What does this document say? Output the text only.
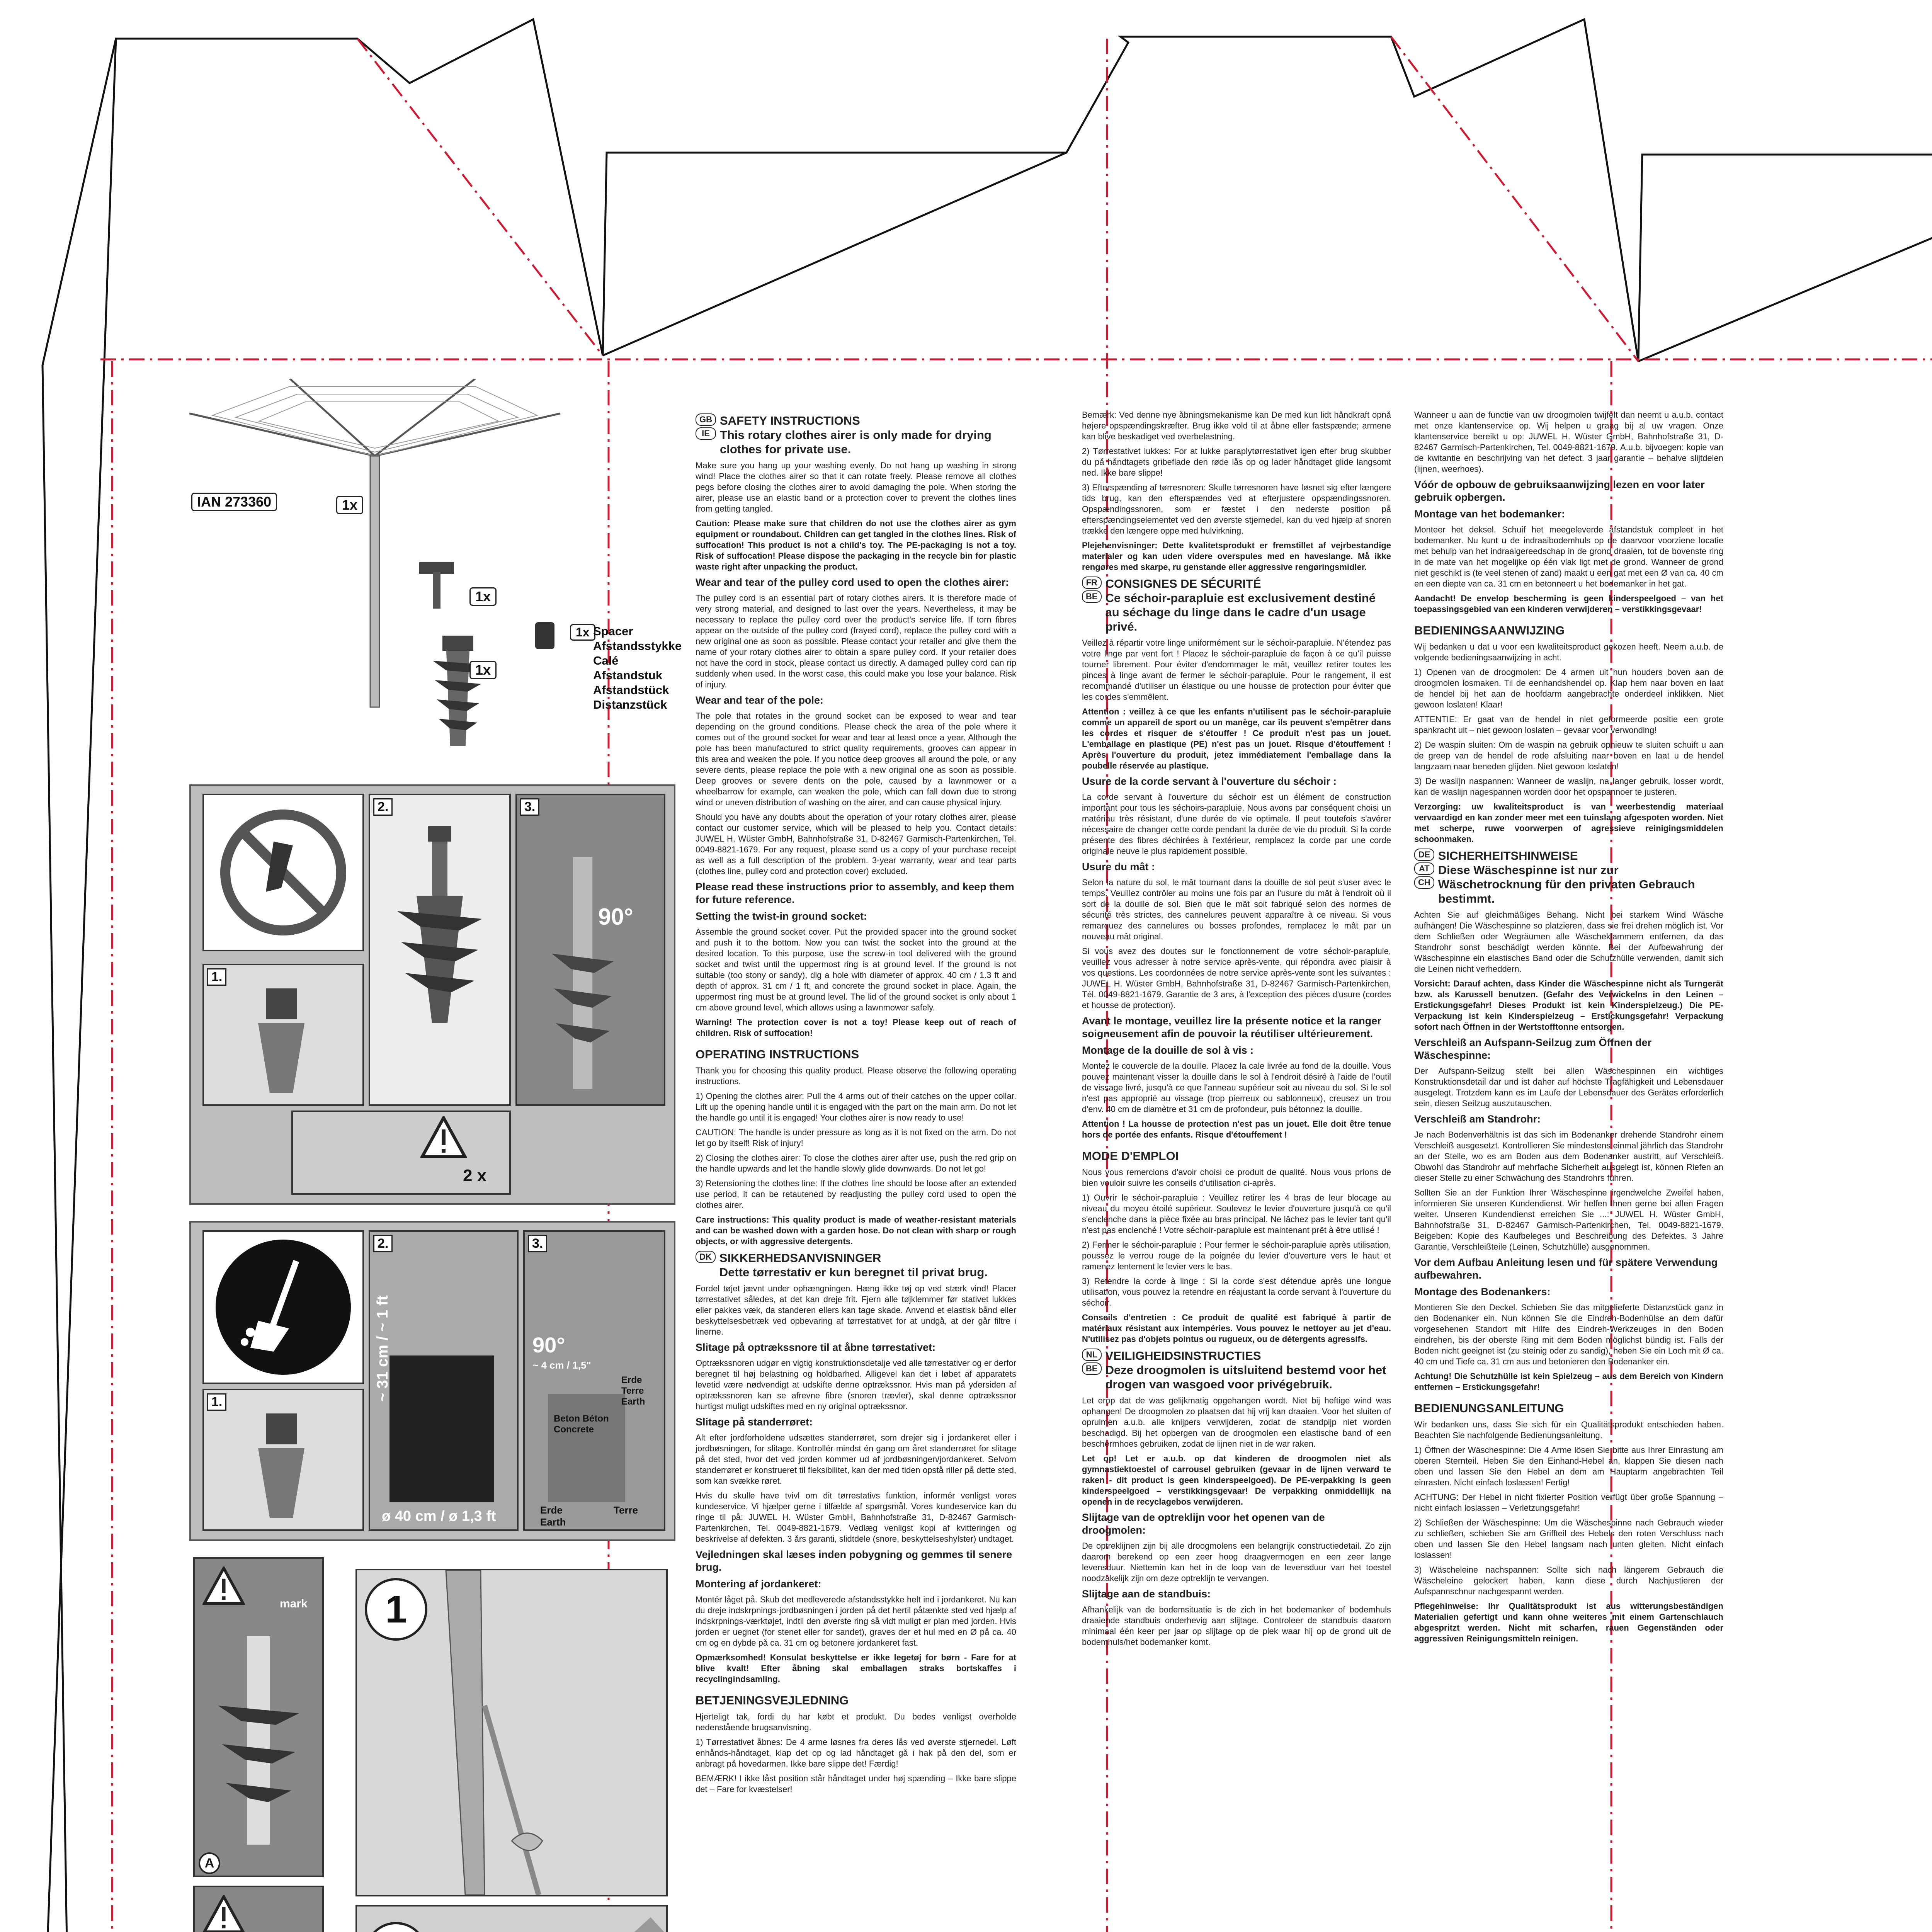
IAN 273360	1x
1x
1x
1x Spacer
Afstandsstykke
Calé
Afstandstuk
Afstandstück
Distanzstück
1.
2.	3.
90°
2 x
1.
2.
~ 31 cm / ~ 1 ft
ø 40 cm / ø 1,3 ft
3.
90°
~ 4 cm / 1,5"
Erde Terre Earth
Beton Béton Concrete
Erde Earth
Terre
mark
A
1
GB
IE
SAFETY INSTRUCTIONS
This rotary clothes airer is only made for drying clothes for private use.

Make sure you hang up your washing evenly. Do not hang up washing in strong wind! Place the clothes airer so that it can rotate freely. Please remove all clothes pegs before closing the clothes airer to avoid damaging the pole. When storing the airer, please use an elastic band or a protection cover to prevent the clothes lines from getting tangled.

Caution: Please make sure that children do not use the clothes airer as gym equipment or roundabout. Children can get tangled in the clothes lines. Risk of suffocation! This product is not a child's toy. The PE-packaging is not a toy. Risk of suffocation! Please dispose the packaging in the recycle bin for plastic waste right after unpacking the product.

Wear and tear of the pulley cord used to open the clothes airer:

The pulley cord is an essential part of rotary clothes airers. It is therefore made of very strong material, and designed to last over the years. Nevertheless, it may be necessary to replace the pulley cord over the product's service life. If torn fibres appear on the outside of the pulley cord (frayed cord), replace the pulley cord with a new original one as soon as possible. Please contact your retailer and give them the name of your rotary clothes airer to obtain a spare pulley cord. If your retailer does not have the cord in stock, please contact us directly. A damaged pulley cord can rip suddenly when used. In the worst case, this could make you lose your balance. Risk of injury.

Wear and tear of the pole:

The pole that rotates in the ground socket can be exposed to wear and tear depending on the ground conditions. Please check the area of the pole where it comes out of the ground socket for wear and tear at least once a year. Although the pole has been manufactured to strict quality requirements, grooves can appear in this area and weaken the pole. If you notice deep grooves all around the pole, or any severe dents, please replace the pole with a new original one as soon as possible. Deep grooves or severe dents on the pole, caused by a lawnmower or a wheelbarrow for example, can weaken the pole, which can fall down due to strong wind or uneven distribution of washing on the airer, and can cause physical injury.

Should you have any doubts about the operation of your rotary clothes airer, please contact our customer service, which will be pleased to help you. Contact details: JUWEL H. Wüster GmbH, Bahnhofstraße 31, D-82467 Garmisch-Partenkirchen, Tel. 0049-8821-1679. For any request, please send us a copy of your purchase receipt as well as a full description of the problem. 3-year warranty, wear and tear parts (clothes line, pulley cord and protection cover) excluded.

Please read these instructions prior to assembly, and keep them for future reference.
Setting the twist-in ground socket:

Assemble the ground socket cover. Put the provided spacer into the ground socket and push it to the bottom. Now you can twist the socket into the ground at the desired location. To this purpose, use the screw-in tool delivered with the ground socket and twist until the uppermost ring is at ground level. If the ground is not suitable (too stony or sandy), dig a hole with diameter of approx. 40 cm / 1.3 ft and depth of approx. 31 cm / 1 ft, and concrete the ground socket in place. Again, the uppermost ring must be at ground level. The lid of the ground socket is only about 1 cm above ground level, which allows using a lawnmower safely.

Warning! The protection cover is not a toy! Please keep out of reach of children. Risk of suffocation!

OPERATING INSTRUCTIONS

Thank you for choosing this quality product. Please observe the following operating instructions.

1) Opening the clothes airer: Pull the 4 arms out of their catches on the upper collar. Lift up the opening handle until it is engaged with the part on the main arm. Do not let the handle go until it is engaged! Your clothes airer is now ready to use!

CAUTION: The handle is under pressure as long as it is not fixed on the arm. Do not let go by itself! Risk of injury!

2) Closing the clothes airer: To close the clothes airer after use, push the red grip on the handle upwards and let the handle slowly glide downwards. Do not let go!

3) Retensioning the clothes line: If the clothes line should be loose after an extended use period, it can be retautened by readjusting the pulley cord used to open the clothes airer.

Care instructions: This quality product is made of weather-resistant materials and can be washed down with a garden hose. Do not clean with sharp or rough objects, or with aggressive detergents.

DK SIKKERHEDSANVISNINGER
Dette tørrestativ er kun beregnet til privat brug.

Fordel tøjet jævnt under ophængningen. Hæng ikke tøj op ved stærk vind! Placer tørrestativet således, at det kan dreje frit. Fjern alle tøjklemmer før stativet lukkes eller pakkes væk, da standeren ellers kan tage skade. Anvend et elastisk bånd eller beskyttelsesbetræk ved opbevaring af tørrestativet for at undgå, at der går filtre i linerne.

Slitage på optrækssnore til at åbne tørrestativet:

Optrækssnoren udgør en vigtig konstruktionsdetalje ved alle tørrestativer og er derfor beregnet til høj belastning og holdbarhed. Alligevel kan det i løbet af apparatets levetid være nødvendigt at udskifte denne optrækssnor. Hvis man på ydersiden af optrækssnoren kan se afrevne fibre (snoren trævler), skal denne optrækssnor hurtigst muligt udskiftes med en ny original optrækssnor.

Slitage på standerrøret:

Alt efter jordforholdene udsættes standerrøret, som drejer sig i jordankeret eller i jordbøsningen, for slitage. Kontrollér mindst én gang om året standerrøret for slitage på det sted, hvor det ved jorden kommer ud af jordbøsningen/jordankeret. Selvom standerrøret er konstrueret til fleksibilitet, kan der med tiden opstå riller på dette sted, som kan svække røret.

Hvis du skulle have tvivl om dit tørrestativs funktion, informér venligst vores kundeservice. Vi hjælper gerne i tilfælde af spørgsmål. Vores kundeservice kan du ringe til på: JUWEL H. Wüster GmbH, Bahnhofstraße 31, D-82467 Garmisch-Partenkirchen, Tel. 0049-8821-1679. Vedlæg venligst kopi af kvitteringen og beskrivelse af defekten. 3 års garanti, slidtdele (snore, beskyttelseshylster) undtaget.

Vejledningen skal læses inden pobygning og gemmes til senere brug.
Montering af jordankeret:

Montér låget på. Skub det medleverede afstandsstykke helt ind i jordankeret. Nu kan du dreje indskrpnings-jordbøsningen i jorden på det hertil påtænkte sted ved hjælp af indskrpnings-værktøjet, indtil den øverste ring så vidt muligt er plan med jorden. Hvis jorden er uegnet (for stenet eller for sandet), graves der et hul med en Ø på ca. 40 cm og en dybde på ca. 31 cm og betonere jordankeret fast.

Opmærksomhed! Konsulat beskyttelse er ikke legetøj for børn - Fare for at blive kvalt! Efter åbning skal emballagen straks bortskaffes i recyclingindsamling.

BETJENINGSVEJLEDNING

Hjerteligt tak, fordi du har købt et produkt. Du bedes venligst overholde nedenstående brugsanvisning.

1) Tørrestativet åbnes: De 4 arme løsnes fra deres lås ved øverste stjernedel. Løft enhånds-håndtaget, klap det op og lad håndtaget gå i hak på den del, som er anbragt på hovedarmen. Ikke bare slippe det! Færdig!

BEMÆRK! I ikke låst position står håndtaget under høj spænding – Ikke bare slippe det – Fare for kvæstelser!

Bemærk: Ved denne nye åbningsmekanisme kan De med kun lidt håndkraft opnå højere opspændingskræfter. Brug ikke vold til at åbne eller fastspænde; armene kan blive beskadiget ved overbelastning.

2) Tørrestativet lukkes: For at lukke paraplytørrestativet igen efter brug skubber du på håndtagets gribeflade den røde lås op og lader håndtaget glide langsomt ned. Ikke bare slippe!

3) Efterspænding af tørresnoren: Skulle tørresnoren have løsnet sig efter længere tids brug, kan den efterspændes ved at efterjustere opspændingssnoren. Opspændingssnoren, som er fæstet i den nederste position på efterspændingselementet ved den øverste stjernedel, kan du ved hjælp af snoren trække den længere oppe med hulvirkning.

Plejehenvisninger: Dette kvalitetsprodukt er fremstillet af vejrbestandige materialer og kan uden videre overspules med en haveslange. Må ikke rengøres med skarpe, ru genstande eller aggressive rengøringsmidler.

FR
BE
CONSIGNES DE SÉCURITÉ
Ce séchoir-parapluie est exclusivement destiné au séchage du linge dans le cadre d'un usage privé.

Veillez à répartir votre linge uniformément sur le séchoir-parapluie. N'étendez pas votre linge par vent fort ! Placez le séchoir-parapluie de façon à ce qu'il puisse tourner librement. Pour éviter d'endommager le mât, veuillez retirer toutes les pinces à linge avant de fermer le séchoir-parapluie. Pour le rangement, il est recommandé d'utiliser un élastique ou une housse de protection pour éviter que les cordes s'emmêlent.

Attention : veillez à ce que les enfants n'utilisent pas le séchoir-parapluie comme un appareil de sport ou un manège, car ils peuvent s'empêtrer dans les cordes et risquer de s'étouffer ! Ce produit n'est pas un jouet. L'emballage en plastique (PE) n'est pas un jouet. Risque d'étouffement ! Après l'ouverture du produit, jetez immédiatement l'emballage dans la poubelle réservée au plastique.

Usure de la corde servant à l'ouverture du séchoir :

La corde servant à l'ouverture du séchoir est un élément de construction important pour tous les séchoirs-parapluie. Nous avons par conséquent choisi un matériau très résistant, d'une durée de vie optimale. Il peut toutefois s'avérer nécessaire de changer cette corde pendant la durée de vie du produit. Si la corde présente des fibres déchirées à l'extérieur, remplacez la corde par une corde originale neuve le plus rapidement possible.

Usure du mât :

Selon la nature du sol, le mât tournant dans la douille de sol peut s'user avec le temps. Veuillez contrôler au moins une fois par an l'usure du mât à l'endroit où il sort de la douille de sol. Bien que le mât soit fabriqué selon des normes de sécurité très strictes, des cannelures peuvent apparaître à ce niveau. Si vous remarquez des cannelures ou bosses profondes, remplacez le mât par un nouveau mât original.

Si vous avez des doutes sur le fonctionnement de votre séchoir-parapluie, veuillez vous adresser à notre service après-vente, qui répondra avec plaisir à vos questions. Les coordonnées de notre service après-vente sont les suivantes : JUWEL H. Wüster GmbH, Bahnhofstraße 31, D-82467 Garmisch-Partenkirchen, Tél. 0049-8821-1679. Garantie de 3 ans, à l'exception des pièces d'usure (cordes et housse de protection).

Avant le montage, veuillez lire la présente notice et la ranger soigneusement afin de pouvoir la réutiliser ultérieurement.
Montage de la douille de sol à vis :

Montez le couvercle de la douille. Placez la cale livrée au fond de la douille. Vous pouvez maintenant visser la douille dans le sol à l'endroit désiré à l'aide de l'outil de vissage livré, jusqu'à ce que l'anneau supérieur soit au niveau du sol. Si le sol n'est pas approprié au vissage (trop pierreux ou sablonneux), creusez un trou d'env. 40 cm de diamètre et 31 cm de profondeur, puis bétonnez la douille.

Attention ! La housse de protection n'est pas un jouet. Elle doit être tenue hors de portée des enfants. Risque d'étouffement !

MODE D'EMPLOI

Nous vous remercions d'avoir choisi ce produit de qualité. Nous vous prions de bien vouloir suivre les conseils d'utilisation ci-après.

1) Ouvrir le séchoir-parapluie : Veuillez retirer les 4 bras de leur blocage au niveau du moyeu étoilé supérieur. Soulevez le levier d'ouverture jusqu'à ce qu'il s'enclenche dans la pièce fixée au bras principal. Ne lâchez pas le levier tant qu'il n'est pas enclenché ! Votre séchoir-parapluie est maintenant prêt à être utilisé !

2) Fermer le séchoir-parapluie : Pour fermer le séchoir-parapluie après utilisation, poussez le verrou rouge de la poignée du levier d'ouverture vers le haut et ramenez lentement le levier vers le bas.

3) Retendre la corde à linge : Si la corde s'est détendue après une longue utilisation, vous pouvez la retendre en réajustant la corde servant à l'ouverture du séchoir.

Conseils d'entretien : Ce produit de qualité est fabriqué à partir de matériaux résistant aux intempéries. Vous pouvez le nettoyer au jet d'eau. N'utilisez pas d'objets pointus ou rugueux, ou de détergents agressifs.

NL
BE
VEILIGHEIDSINSTRUCTIES
Deze droogmolen is uitsluitend bestemd voor het drogen van wasgoed voor privégebruik.

Let erop dat de was gelijkmatig opgehangen wordt. Niet bij heftige wind was ophangen! De droogmolen zo plaatsen dat hij vrij kan draaien. Voor het sluiten of opruimen a.u.b. alle knijpers verwijderen, zodat de standpijp niet worden beschadigd. Bij het opbergen van de droogmolen een elastische band of een beschermhoes gebruiken, zodat de lijnen niet in de war raken.

Let op! Let er a.u.b. op dat kinderen de droogmolen niet als gymnastiektoestel of carrousel gebruiken (gevaar in de lijnen verward te raken - dit product is geen kinderspeelgoed). De PE-verpakking is geen kinderspeelgoed – verstikkingsgevaar! De verpakking onmiddellijk na openen in de recyclagebos verwijderen.

Slijtage van de optreklijn voor het openen van de droogmolen:

De optreklijnen zijn bij alle droogmolens een belangrijk constructiedetail. Zo zijn daarom berekend op een zeer hoog draagvermogen en een zeer lange levensduur. Niettemin kan het in de loop van de levensduur van het toestel noodzakelijk zijn om deze optreklijn te vervangen.

Slijtage aan de standbuis:

Afhankelijk van de bodemsituatie is de zich in het bodemanker of bodemhuls draaiende standbuis onderhevig aan slijtage. Controleer de standbuis daarom minimaal één keer per jaar op slijtage op de plek waar hij op de grond uit de bodemhuls/het bodemanker komt.

Wanneer u aan de functie van uw droogmolen twijfelt dan neemt u a.u.b. contact met onze klantenservice op. Wij helpen u graag bij al uw vragen. Onze klantenservice bereikt u op: JUWEL H. Wüster GmbH, Bahnhofstraße 31, D-82467 Garmisch-Partenkirchen, Tel. 0049-8821-1679. A.u.b. bijvoegen: kopie van de kwitantie en beschrijving van het defect. 3 jaar garantie – behalve slijtdelen (lijnen, weerhoes).

Vóór de opbouw de gebruiksaanwijzing lezen en voor later gebruik opbergen.
Montage van het bodemanker:

Monteer het deksel. Schuif het meegeleverde afstandstuk compleet in het bodemanker. Nu kunt u de indraaibodemhuls op de daarvoor voorziene locatie met behulp van het indraaigereedschap in de grond draaien, tot de bovenste ring in de mate van het mogelijke op één vlak ligt met de grond. Wanneer de grond niet geschikt is (te veel stenen of zand) maakt u een gat met een Ø van ca. 40 cm en een diepte van ca. 31 cm en betonneert u het bodemanker in het gat.

Aandacht! De envelop bescherming is geen kinderspeelgoed – van het toepassingsgebied van een kinderen verwijderen – verstikkingsgevaar!

BEDIENINGSAANWIJZING

Wij bedanken u dat u voor een kwaliteitsproduct gekozen heeft. Neem a.u.b. de volgende bedieningsaanwijzing in acht.

1) Openen van de droogmolen: De 4 armen uit hun houders boven aan de droogmolen losmaken. Til de eenhandshendel op. Klap hem naar boven en laat de hendel bij het aan de hoofdarm aangebrachte onderdeel inklikken. Niet gewoon loslaten! Klaar!

ATTENTIE: Er gaat van de hendel in niet geformeerde positie een grote spankracht uit – niet gewoon loslaten – gevaar voor verwonding!

2) De waspin sluiten: Om de waspin na gebruik opnieuw te sluiten schuift u aan de greep van de hendel de rode afsluiting naar boven en laat u de hendel langzaam naar beneden glijden. Niet gewoon loslaten!

3) De waslijn naspannen: Wanneer de waslijn, na langer gebruik, losser wordt, kan de waslijn nagespannen worden door het opspannoer te justeren.

Verzorging: uw kwaliteitsproduct is van weerbestendig materiaal vervaardigd en kan zonder meer met een tuinslang afgespoten worden. Niet met scherpe, ruwe voorwerpen of agressieve reinigingsmiddelen schoonmaken.

DE
AT
CH
SICHERHEITSHINWEISE
Diese Wäschespinne ist nur zur Wäschetrocknung für den privaten Gebrauch bestimmt.

Achten Sie auf gleichmäßiges Behang. Nicht bei starkem Wind Wäsche aufhängen! Die Wäschespinne so platzieren, dass sie frei drehen möglich ist. Vor dem Schließen oder Wegräumen alle Wäscheklammern entfernen, da das Standrohr sonst beschädigt werden könnte. Bei der Aufbewahrung der Wäschespinne ein elastisches Band oder die Schutzhülle verwenden, damit sich die Leinen nicht verheddern.

Vorsicht: Darauf achten, dass Kinder die Wäschespinne nicht als Turngerät bzw. als Karussell benutzen. (Gefahr des Verwickelns in den Leinen – Erstickungsgefahr! Dieses Produkt ist kein Kinderspielzeug.) Die PE-Verpackung ist kein Kinderspielzeug – Erstickungsgefahr! Verpackung sofort nach Öffnen in der Wertstofftonne entsorgen.

Verschleiß an Aufspann-Seilzug zum Öffnen der Wäschespinne:

Der Aufspann-Seilzug stellt bei allen Wäschespinnen ein wichtiges Konstruktionsdetail dar und ist daher auf höchste Tragfähigkeit und Lebensdauer ausgelegt. Trotzdem kann es im Laufe der Lebensdauer des Gerätes erforderlich sein, diesen Seilzug auszutauschen.

Verschleiß am Standrohr:

Je nach Bodenverhältnis ist das sich im Bodenanker drehende Standrohr einem Verschleiß ausgesetzt. Kontrollieren Sie mindestens einmal jährlich das Standrohr an der Stelle, wo es am Boden aus dem Bodenanker austritt, auf Verschleiß. Obwohl das Standrohr auf mehrfache Sicherheit ausgelegt ist, können Riefen an dieser Stelle zu einer Schwächung des Standrohrs führen.

Sollten Sie an der Funktion Ihrer Wäschespinne irgendwelche Zweifel haben, informieren Sie unseren Kundendienst. Wir helfen Ihnen gerne bei allen Fragen weiter. Unseren Kundendienst erreichen Sie ...: JUWEL H. Wüster GmbH, Bahnhofstraße 31, D-82467 Garmisch-Partenkirchen, Tel. 0049-8821-1679. Beigeben: Kopie des Kaufbeleges und Beschreibung des Defektes. 3 Jahre Garantie, Verschleißteile (Leinen, Schutzhülle) ausgenommen.

Vor dem Aufbau Anleitung lesen und für spätere Verwendung aufbewahren.
Montage des Bodenankers:

Montieren Sie den Deckel. Schieben Sie das mitgelieferte Distanzstück ganz in den Bodenanker ein. Nun können Sie die Eindreh-Bodenhülse an dem dafür vorgesehenen Standort mit Hilfe des Eindreh-Werkzeuges in den Boden eindrehen, bis der oberste Ring mit dem Boden möglichst bündig ist. Falls der Boden nicht geeignet ist (zu steinig oder zu sandig), heben Sie ein Loch mit Ø ca. 40 cm und Tiefe ca. 31 cm aus und betonieren den Bodenanker ein.

Achtung! Die Schutzhülle ist kein Spielzeug – aus dem Bereich von Kindern entfernen – Erstickungsgefahr!

BEDIENUNGSANLEITUNG

Wir bedanken uns, dass Sie sich für ein Qualitätsprodukt entschieden haben. Beachten Sie nachfolgende Bedienungsanleitung.

1) Öffnen der Wäschespinne: Die 4 Arme lösen Sie bitte aus Ihrer Einrastung am oberen Sternteil. Heben Sie den Einhand-Hebel an, klappen Sie diesen nach oben und lassen Sie den Hebel an dem am Hauptarm angebrachten Teil einrasten. Nicht einfach loslassen! Fertig!

ACHTUNG: Der Hebel in nicht fixierter Position verfügt über große Spannung – nicht einfach loslassen – Verletzungsgefahr!

2) Schließen der Wäschespinne: Um die Wäschespinne nach Gebrauch wieder zu schließen, schieben Sie am Griffteil des Hebels den roten Verschluss nach oben und lassen Sie den Hebel langsam nach unten gleiten. Nicht einfach loslassen!

3) Wäscheleine nachspannen: Sollte sich nach längerem Gebrauch die Wäscheleine gelockert haben, kann diese durch Nachjustieren der Aufspannschnur nachgespannt werden.

Pflegehinweise: Ihr Qualitätsprodukt ist aus witterungsbeständigen Materialien gefertigt und kann ohne weiteres mit einem Gartenschlauch abgespritzt werden. Nicht mit scharfen, rauen Gegenständen oder aggressiven Reinigungsmitteln reinigen.
